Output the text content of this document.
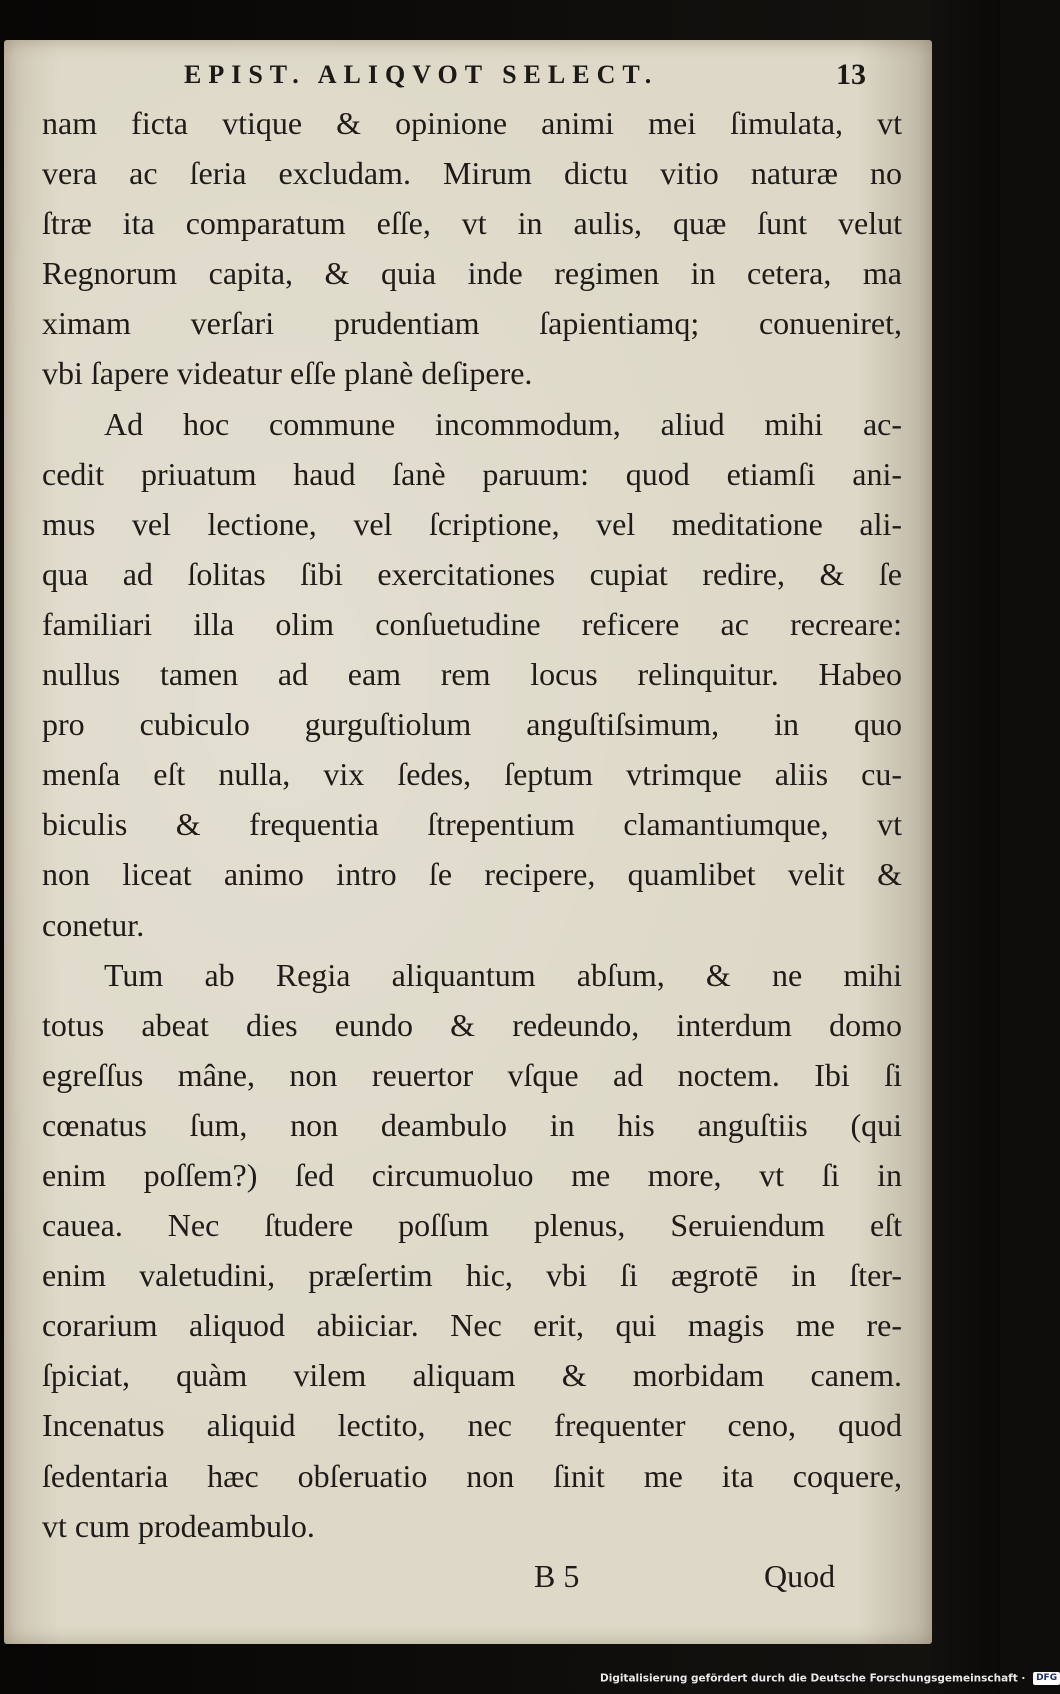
EPIST. ALIQVOT SELECT.	13
nam ficta vtique & opinione animi mei ſimulata, vt
vera ac ſeria excludam. Mirum dictu vitio naturæ no
ſtræ ita comparatum eſſe, vt in aulis, quæ ſunt velut
Regnorum capita, & quia inde regimen in cetera, ma
ximam verſari prudentiam ſapientiamq; conueniret,
vbi ſapere videatur eſſe planè deſipere.
Ad hoc commune incommodum, aliud mihi ac-
cedit priuatum haud ſanè paruum: quod etiamſi ani-
mus vel lectione, vel ſcriptione, vel meditatione ali-
qua ad ſolitas ſibi exercitationes cupiat redire, & ſe
familiari illa olim conſuetudine reficere ac recreare:
nullus tamen ad eam rem locus relinquitur. Habeo
pro cubiculo gurguſtiolum anguſtiſsimum, in quo
menſa eſt nulla, vix ſedes, ſeptum vtrimque aliis cu-
biculis & frequentia ſtrepentium clamantiumque, vt
non liceat animo intro ſe recipere, quamlibet velit &
conetur.
Tum ab Regia aliquantum abſum, & ne mihi
totus abeat dies eundo & redeundo, interdum domo
egreſſus mâne, non reuertor vſque ad noctem. Ibi ſi
cœnatus ſum, non deambulo in his anguſtiis (qui
enim poſſem?) ſed circumuoluo me more, vt ſi in
cauea. Nec ſtudere poſſum plenus, Seruiendum eſt
enim valetudini, præſertim hic, vbi ſi ægrotē in ſter-
corarium aliquod abiiciar. Nec erit, qui magis me re-
ſpiciat, quàm vilem aliquam & morbidam canem.
Incenatus aliquid lectito, nec frequenter ceno, quod
ſedentaria hæc obſeruatio non ſinit me ita coquere,
vt cum prodeambulo.
B 5	Quod
Digitalisierung gefördert durch die Deutsche Forschungsgemeinschaft · DFG
